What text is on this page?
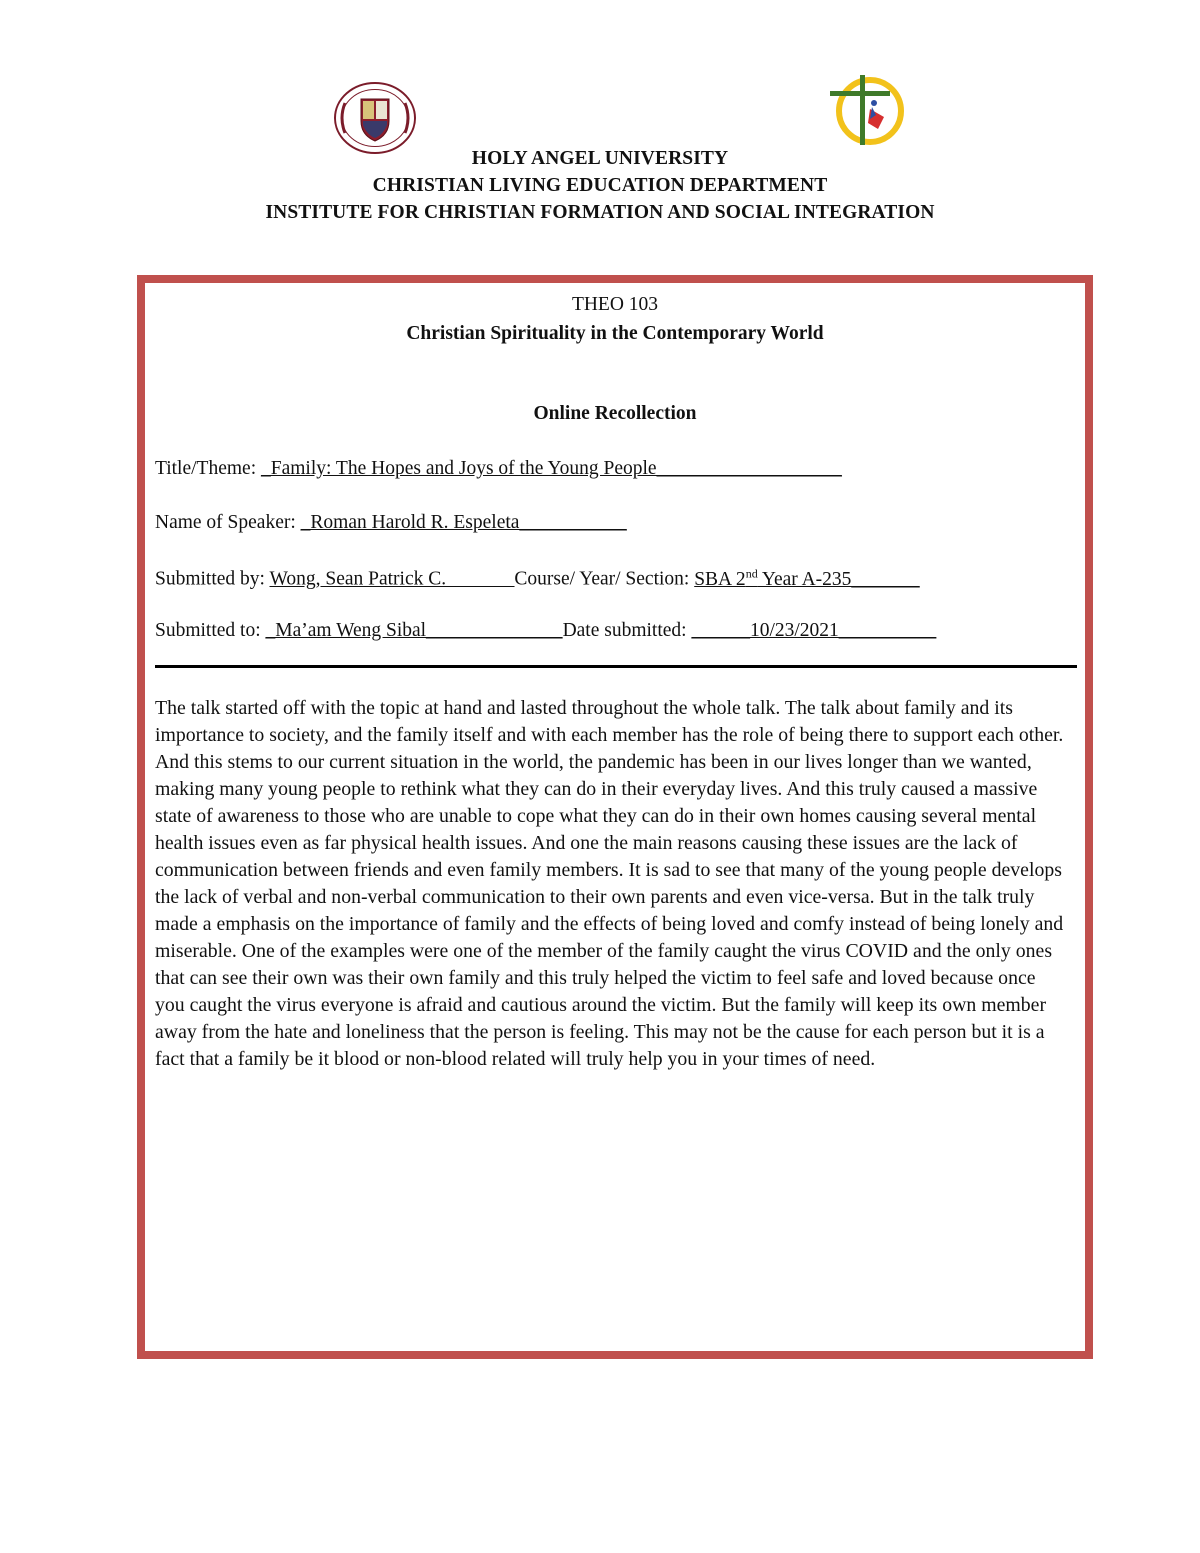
HOLY ANGEL UNIVERSITY
CHRISTIAN LIVING EDUCATION DEPARTMENT
INSTITUTE FOR CHRISTIAN FORMATION AND SOCIAL INTEGRATION
THEO 103
Christian Spirituality in the Contemporary World
Online Recollection
Title/Theme: _Family: The Hopes and Joys of the Young People___________________
Name of Speaker: _Roman Harold R. Espeleta___________
Submitted by: Wong, Sean Patrick C._______Course/ Year/ Section: SBA 2nd Year A-235_______
Submitted to: _Ma’am Weng Sibal______________Date submitted: ______10/23/2021__________
The talk started off with the topic at hand and lasted throughout the whole talk. The talk about family and its importance to society, and the family itself and with each member has the role of being there to support each other. And this stems to our current situation in the world, the pandemic has been in our lives longer than we wanted, making many young people to rethink what they can do in their everyday lives. And this truly caused a massive state of awareness to those who are unable to cope what they can do in their own homes causing several mental health issues even as far physical health issues. And one the main reasons causing these issues are the lack of communication between friends and even family members. It is sad to see that many of the young people develops the lack of verbal and non-verbal communication to their own parents and even vice-versa. But in the talk truly made a emphasis on the importance of family and the effects of being loved and comfy instead of being lonely and miserable. One of the examples were one of the member of the family caught the virus COVID and the only ones that can see their own was their own family and this truly helped the victim to feel safe and loved because once you caught the virus everyone is afraid and cautious around the victim. But the family will keep its own member away from the hate and loneliness that the person is feeling. This may not be the cause for each person but it is a fact that a family be it blood or non-blood related will truly help you in your times of need.
